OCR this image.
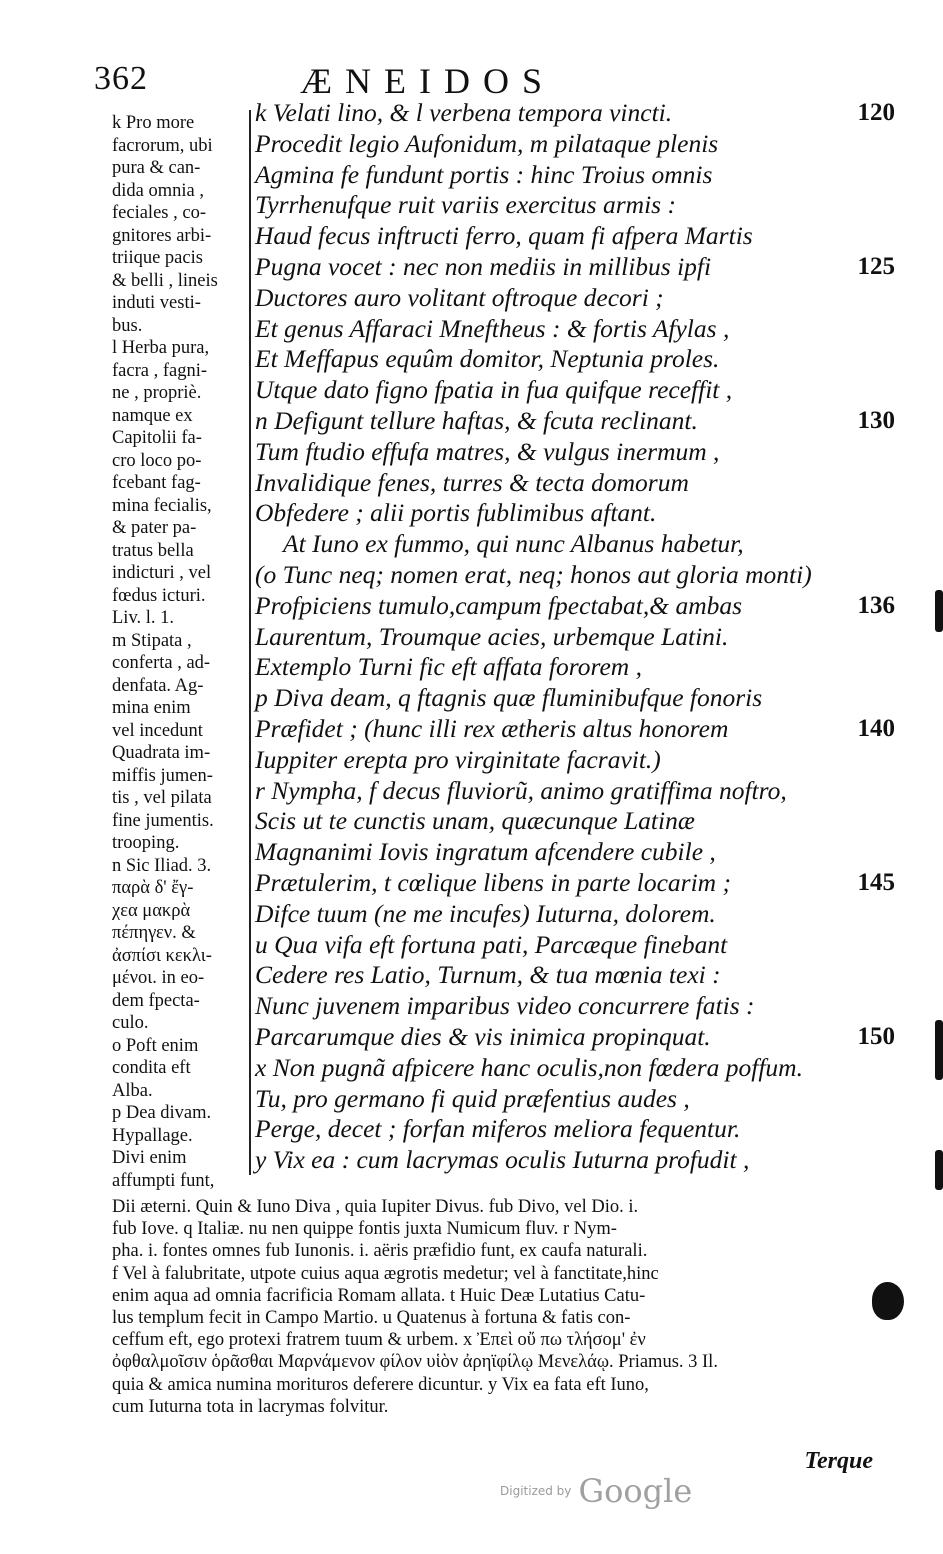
362	ÆNEIDOS
k Pro more
facrorum, ubi
pura & can-
dida omnia ,
feciales , co-
gnitores arbi-
triique pacis
& belli , lineis
induti vesti-
bus.
l Herba pura,
facra , fagni-
ne , propriè.
namque ex
Capitolii fa-
cro loco po-
fcebant fag-
mina fecialis,
& pater pa-
tratus bella
indicturi , vel
fœdus icturi.
Liv. l. 1.
m Stipata ,
conferta , ad-
denfata. Ag-
mina enim
vel incedunt
Quadrata im-
miffis jumen-
tis , vel pilata
fine jumentis.
trooping.
n Sic Iliad. 3.
παρὰ δ' ἔγ-
χεα μακρὰ
πέπηγεν. &
ἀσπίσι κεκλι-
μένοι. in eo-
dem fpecta-
culo.
o Poft enim
condita eft
Alba.
p Dea divam.
Hypallage.
Divi enim
affumpti funt,
k Velati lino, & l verbena tempora vincti.	120
Procedit legio Aufonidum, m pilataque plenis
Agmina fe fundunt portis : hinc Troius omnis
Tyrrhenufque ruit variis exercitus armis :
Haud fecus inftructi ferro, quam fi afpera Martis
Pugna vocet : nec non mediis in millibus ipfi	125
Ductores auro volitant oftroque decori ;
Et genus Affaraci Mneftheus : & fortis Afylas ,
Et Meffapus equûm domitor, Neptunia proles.
Utque dato figno fpatia in fua quifque receffit ,
n Defigunt tellure haftas, & fcuta reclinant.	130
Tum ftudio effufa matres, & vulgus inermum ,
Invalidique fenes, turres & tecta domorum
Obfedere ; alii portis fublimibus aftant.
At Iuno ex fummo, qui nunc Albanus habetur,
(o Tunc neq; nomen erat, neq; honos aut gloria monti)
Profpiciens tumulo,campum fpectabat,& ambas	136
Laurentum, Troumque acies, urbemque Latini.
Extemplo Turni fic eft affata fororem ,
p Diva deam, q ftagnis quæ fluminibufque fonoris
Præfidet ; (hunc illi rex ætheris altus honorem	140
Iuppiter erepta pro virginitate facravit.)
r Nympha, f decus fluviorũ, animo gratiffima noftro,
Scis ut te cunctis unam, quæcunque Latinæ
Magnanimi Iovis ingratum afcendere cubile ,
Prætulerim, t cœlique libens in parte locarim ;	145
Difce tuum (ne me incufes) Iuturna, dolorem.
u Qua vifa eft fortuna pati, Parcæque finebant
Cedere res Latio, Turnum, & tua mœnia texi :
Nunc juvenem imparibus video concurrere fatis :
Parcarumque dies & vis inimica propinquat.	150
x Non pugnã afpicere hanc oculis,non fœdera poffum.
Tu, pro germano fi quid præfentius audes ,
Perge, decet ; forfan miferos meliora fequentur.
y Vix ea : cum lacrymas oculis Iuturna profudit ,
Dii æterni. Quin & Iuno Diva , quia Iupiter Divus. fub Divo, vel Dio. i.
fub Iove. q Italiæ. nu nen quippe fontis juxta Numicum fluv. r Nym-
pha. i. fontes omnes fub Iunonis. i. aëris præfidio funt, ex caufa naturali.
f Vel à falubritate, utpote cuius aqua ægrotis medetur; vel à fanctitate,hinc
enim aqua ad omnia facrificia Romam allata. t Huic Deæ Lutatius Catu-
lus templum fecit in Campo Martio. u Quatenus à fortuna & fatis con-
ceffum eft, ego protexi fratrem tuum & urbem. x Ἐπεὶ οὔ πω τλήσομ' ἐν
ὀφθαλμοῖσιν ὁρᾶσθαι Μαρνάμενον φίλον υἱὸν ἀρηϊφίλῳ Μενελάῳ. Priamus. 3 Il.
quia & amica numina morituros deferere dicuntur. y Vix ea fata eft Iuno,
cum Iuturna tota in lacrymas folvitur.
Terque
Digitized by Google
